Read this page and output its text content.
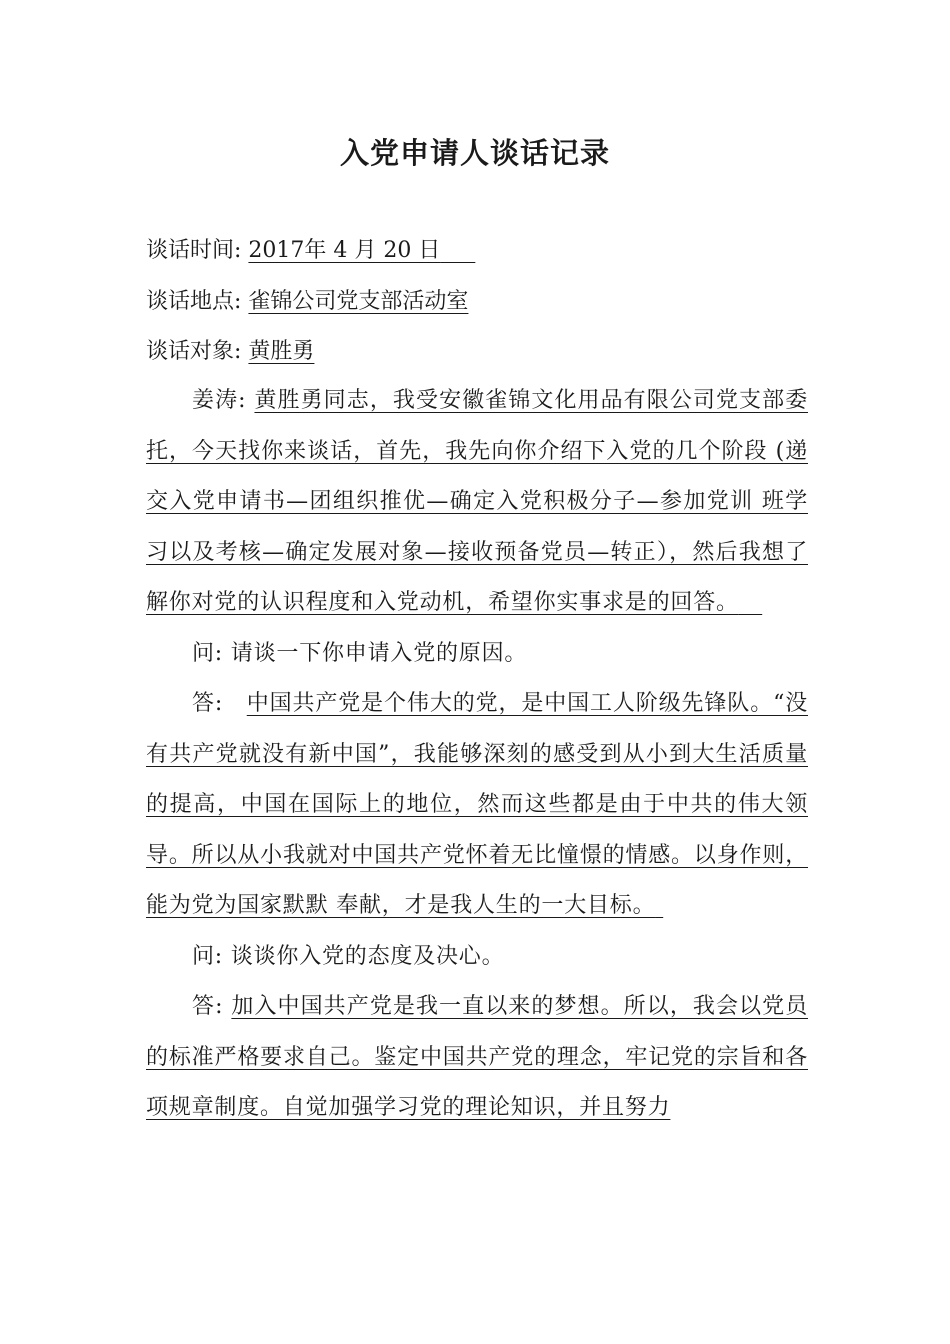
入党申请人谈话记录
谈话时间: 2017年 4 月 20 日
谈话地点: 雀锦公司党支部活动室
谈话对象: 黄胜勇

姜涛: 黄胜勇同志，我受安徽雀锦文化用品有限公司党支部委托，今天找你来谈话，首先，我先向你介绍下入党的几个阶段 (递交入党申请书—团组织推优—确定入党积极分子—参加党训 班学习以及考核—确定发展对象—接收预备党员—转正），然后我想了解你对党的认识程度和入党动机，希望你实事求是的回答。

问: 请谈一下你申请入党的原因。

答: 中国共产党是个伟大的党，是中国工人阶级先锋队。“没有共产党就没有新中国”，我能够深刻的感受到从小到大生活质量的提高，中国在国际上的地位，然而这些都是由于中共的伟大领导。所以从小我就对中国共产党怀着无比憧憬的情感。以身作则，能为党为国家默默 奉献，才是我人生的一大目标。

问: 谈谈你入党的态度及决心。

答: 加入中国共产党是我一直以来的梦想。所以，我会以党员的标准严格要求自己。鉴定中国共产党的理念，牢记党的宗旨和各项规章制度。自觉加强学习党的理论知识，并且努力
